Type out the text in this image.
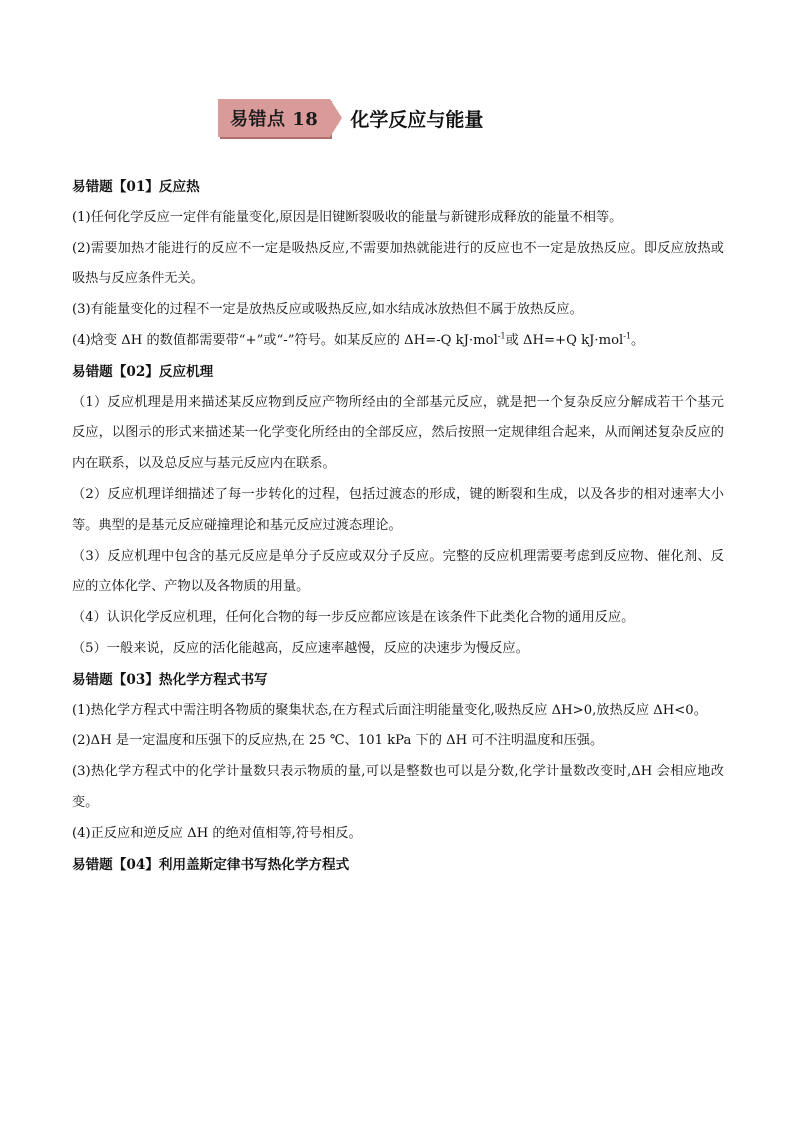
易错点 18	化学反应与能量

易错题【01】反应热

(1)任何化学反应一定伴有能量变化,原因是旧键断裂吸收的能量与新键形成释放的能量不相等。

(2)需要加热才能进行的反应不一定是吸热反应,不需要加热就能进行的反应也不一定是放热反应。即反应放热或吸热与反应条件无关。

(3)有能量变化的过程不一定是放热反应或吸热反应,如水结成冰放热但不属于放热反应。

(4)焓变 ΔH 的数值都需要带“+”或“-”符号。如某反应的 ΔH=-Q kJ·mol$^{-1}$或 ΔH=+Q kJ·mol$^{-1}$。

易错题【02】反应机理

（1）反应机理是用来描述某反应物到反应产物所经由的全部基元反应，就是把一个复杂反应分解成若干个基元反应，以图示的形式来描述某一化学变化所经由的全部反应，然后按照一定规律组合起来，从而阐述复杂反应的内在联系，以及总反应与基元反应内在联系。

（2）反应机理详细描述了每一步转化的过程，包括过渡态的形成，键的断裂和生成，以及各步的相对速率大小等。典型的是基元反应碰撞理论和基元反应过渡态理论。

（3）反应机理中包含的基元反应是单分子反应或双分子反应。完整的反应机理需要考虑到反应物、催化剂、反应的立体化学、产物以及各物质的用量。

（4）认识化学反应机理，任何化合物的每一步反应都应该是在该条件下此类化合物的通用反应。

（5）一般来说，反应的活化能越高，反应速率越慢，反应的决速步为慢反应。

易错题【03】热化学方程式书写

(1)热化学方程式中需注明各物质的聚集状态,在方程式后面注明能量变化,吸热反应 ΔH>0,放热反应 ΔH<0。

(2)ΔH 是一定温度和压强下的反应热,在 25 ℃、101 kPa 下的 ΔH 可不注明温度和压强。

(3)热化学方程式中的化学计量数只表示物质的量,可以是整数也可以是分数,化学计量数改变时,ΔH 会相应地改变。

(4)正反应和逆反应 ΔH 的绝对值相等,符号相反。

易错题【04】利用盖斯定律书写热化学方程式
